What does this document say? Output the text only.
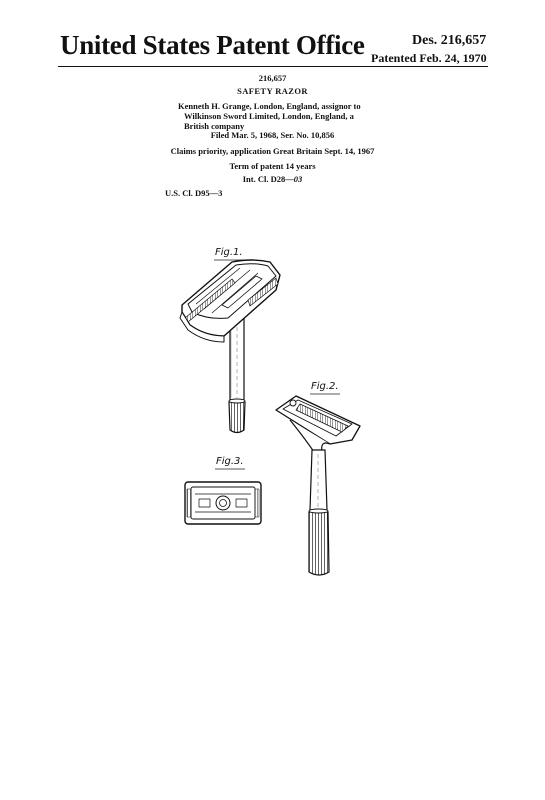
United States Patent Office	Des. 216,657
Patented Feb. 24, 1970
216,657
SAFETY RAZOR
Kenneth H. Grange, London, England, assignor to
Wilkinson Sword Limited, London, England, a
British company
Filed Mar. 5, 1968, Ser. No. 10,856
Claims priority, application Great Britain Sept. 14, 1967
Term of patent 14 years
Int. Cl. D28—03
U.S. Cl. D95—3
Fig.1.
Fig.2.
Fig.3.
